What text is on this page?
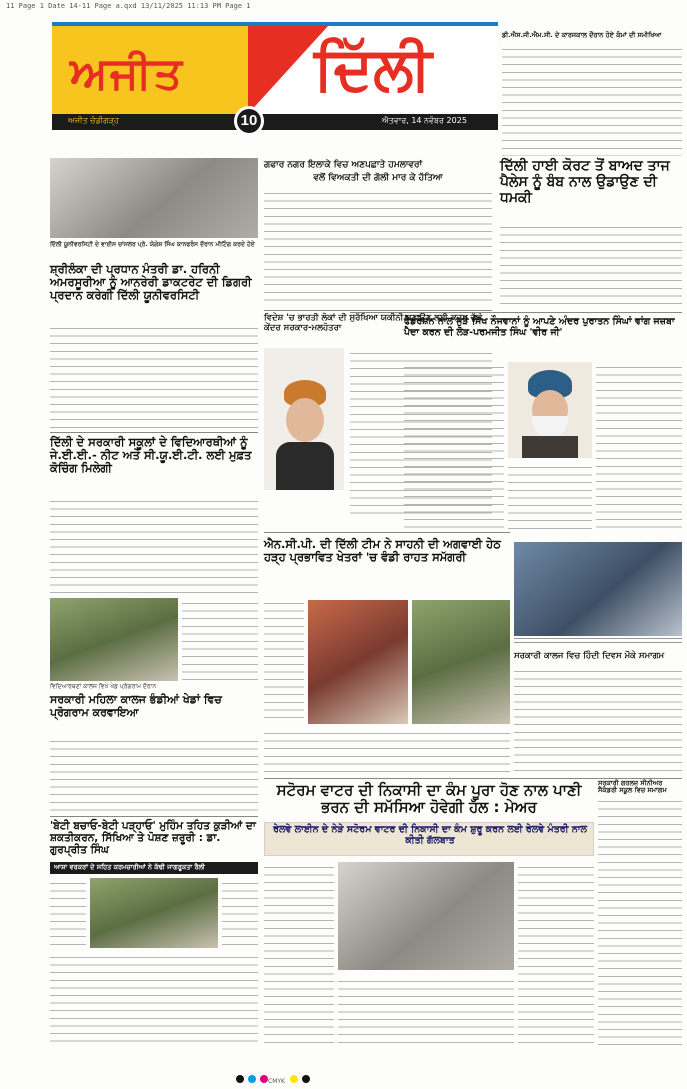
11 Page 1 Date 14-11 Page a.qxd 13/11/2025 11:13 PM Page 1
ਅਜੀਤ ਦਿੱਲੀ
10
ਅਜੀਤ ਚੰਡੀਗੜ੍ਹ	ਐਤਵਾਰ, 14 ਨਵੰਬਰ 2025
ਡੀ.ਐਸ.ਜੀ.ਐਮ.ਸੀ. ਦੇ ਕਾਰਜਕਾਲ ਦੌਰਾਨ ਹੋਏ ਕੰਮਾਂ ਦੀ ਸਮੀਖਿਆ
ਦਿੱਲੀ ਯੂਨੀਵਰਸਿਟੀ ਦੇ ਵਾਈਸ ਚਾਂਸਲਰ ਪ੍ਰੋ. ਯੋਗੇਸ਼ ਸਿੰਘ ਕਾਨਫਰੰਸ ਦੌਰਾਨ ਮੀਟਿੰਗ ਕਰਦੇ ਹੋਏ
ਸ਼੍ਰੀਲੰਕਾ ਦੀ ਪ੍ਰਧਾਨ ਮੰਤਰੀ ਡਾ. ਹਰਿਨੀ ਅਮਰਸੂਰੀਆ ਨੂੰ ਆਨਰੇਰੀ ਡਾਕਟਰੇਟ ਦੀ ਡਿਗਰੀ ਪ੍ਰਦਾਨ ਕਰੇਗੀ ਦਿੱਲੀ ਯੂਨੀਵਰਸਿਟੀ
ਦਿੱਲੀ ਦੇ ਸਰਕਾਰੀ ਸਕੂਲਾਂ ਦੇ ਵਿਦਿਆਰਥੀਆਂ ਨੂੰ ਜੇ.ਈ.ਈ.- ਨੀਟ ਅਤੇ ਸੀ.ਯੂ.ਈ.ਟੀ. ਲਈ ਮੁਫ਼ਤ ਕੋਚਿੰਗ ਮਿਲੇਗੀ
ਵਿਦਿਆਰਥਣਾਂ ਕਾਲਜ ਵਿਖੇ ਖੇਡ ਪ੍ਰੋਗਰਾਮ ਦੌਰਾਨ
ਸਰਕਾਰੀ ਮਹਿਲਾ ਕਾਲਜ ਭੰਡੀਆਂ ਖੇਡਾਂ ਵਿਚ ਪ੍ਰੋਗਰਾਮ ਕਰਵਾਇਆ
ਗਫਾਰ ਨਗਰ ਇਲਾਕੇ ਵਿਚ ਅਣਪਛਾਤੇ ਹਮਲਾਵਰਾਂ
ਵਲੋਂ ਵਿਅਕਤੀ ਦੀ ਗੋਲੀ ਮਾਰ ਕੇ ਹੱਤਿਆ
ਵਿਦੇਸ਼ 'ਚ ਭਾਰਤੀ ਲੋਕਾਂ ਦੀ ਸੁਰੱਖਿਆ ਯਕੀਨੀ ਬਣਾਉਣ ਲਈ ਕਦਮ ਚੁੱਕੇ ਕੇਂਦਰ ਸਰਕਾਰ-ਮਲਹੋਤਰਾ
ਦਿੱਲੀ ਹਾਈ ਕੋਰਟ ਤੋਂ ਬਾਅਦ ਤਾਜ ਪੈਲੇਸ ਨੂੰ ਬੰਬ ਨਾਲ ਉਡਾਉਣ ਦੀ ਧਮਕੀ
ਫੈਡਰੇਸ਼ਨ ਨਾਲ ਜੁੜੇ ਸਿੱਖ ਨੌਜਵਾਨਾਂ ਨੂੰ ਆਪਣੇ ਅੰਦਰ ਪੁਰਾਤਨ ਸਿੰਘਾਂ ਵਾਂਗ ਜਜ਼ਬਾ ਪੈਦਾ ਕਰਨ ਦੀ ਲੋੜ-ਪਰਮਜੀਤ ਸਿੰਘ 'ਵੀਰ ਜੀ'
ਐਨ.ਸੀ.ਪੀ. ਦੀ ਦਿੱਲੀ ਟੀਮ ਨੇ ਸਾਹਨੀ ਦੀ ਅਗਵਾਈ ਹੇਠ ਹੜ੍ਹ ਪ੍ਰਭਾਵਿਤ ਖੇਤਰਾਂ 'ਚ ਵੰਡੀ ਰਾਹਤ ਸਮੱਗਰੀ
ਸਰਕਾਰੀ ਕਾਲਜ ਵਿਚ ਹਿੰਦੀ ਦਿਵਸ ਮੌਕੇ ਸਮਾਗਮ
ਸਟੋਰਮ ਵਾਟਰ ਦੀ ਨਿਕਾਸੀ ਦਾ ਕੰਮ ਪੂਰਾ ਹੋਣ ਨਾਲ ਪਾਣੀ ਭਰਨ ਦੀ ਸਮੱਸਿਆ ਹੋਵੇਗੀ ਹੱਲ : ਮੇਅਰ
ਰੇਲਵੇ ਲਾਈਨ ਦੇ ਨੇੜੇ ਸਟੋਰਮ ਵਾਟਰ ਦੀ ਨਿਕਾਸੀ ਦਾ ਕੰਮ ਸ਼ੁਰੂ ਕਰਨ ਲਈ ਰੇਲਵੇ ਮੰਤਰੀ ਨਾਲ ਕੀਤੀ ਗੱਲਬਾਤ
ਸਰਕਾਰੀ ਗਰਲਜ਼ ਸੀਨੀਅਰ ਸੈਕੰਡਰੀ ਸਕੂਲ ਵਿਚ ਸਮਾਗਮ
'ਬੇਟੀ ਬਚਾਓ-ਬੇਟੀ ਪੜ੍ਹਾਓ' ਮੁਹਿੰਮ ਤਹਿਤ ਕੁੜੀਆਂ ਦਾ ਸ਼ਕਤੀਕਰਨ, ਸਿੱਖਿਆ ਤੇ ਪੋਸ਼ਣ ਜ਼ਰੂਰੀ : ਡਾ. ਗੁਰਪ੍ਰੀਤ ਸਿੰਘ
ਆਸ਼ਾ ਵਰਕਰਾਂ ਦੇ ਸਹਿਤ ਕਰਮਚਾਰੀਆਂ ਨੇ ਕੱਢੀ ਜਾਗਰੂਕਤਾ ਰੈਲੀ
CMYK
